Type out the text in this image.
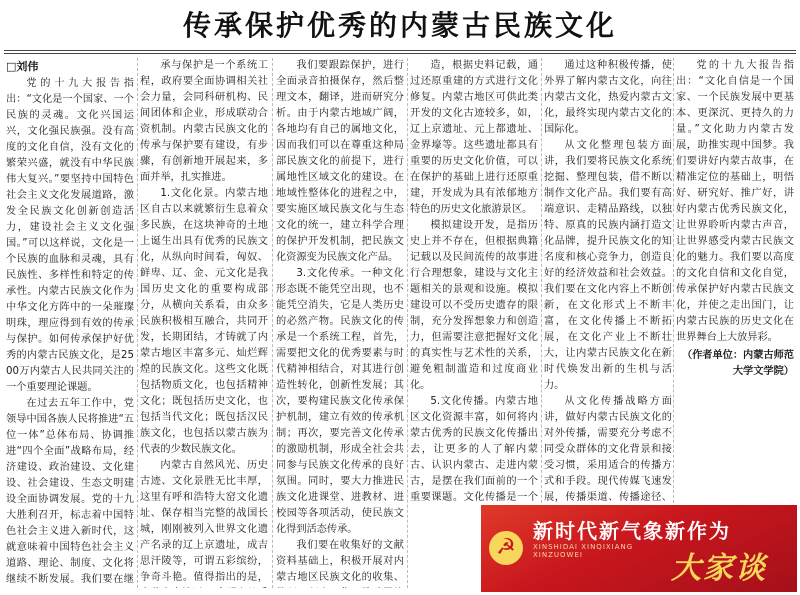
传承保护优秀的内蒙古民族文化
□刘伟

党的十九大报告指出：“文化是一个国家、一个民族的灵魂。文化兴国运兴，文化强民族强。没有高度的文化自信，没有文化的繁荣兴盛，就没有中华民族伟大复兴。”要坚持中国特色社会主义文化发展道路，激发全民族文化创新创造活力，建设社会主义文化强国。”可以这样说，文化是一个民族的血脉和灵魂，具有民族性、多样性和特定的传承性。内蒙古民族文化作为中华文化方阵中的一朵璀璨明珠，理应得到有效的传承与保护。如何传承保护好优秀的内蒙古民族文化，是2500万内蒙古人民共同关注的一个重要理论课题。

在过去五年工作中，党领导中国各族人民将推进“五位一体”总体布局、协调推进“四个全面”战略布局，经济建设、政治建设、文化建设、社会建设、生态文明建设全面协调发展。党的十九大胜利召开，标志着中国特色社会主义进入新时代，这就意味着中国特色社会主义道路、理论、制度、文化将继续不断发展。我们要在继

承与保护是一个系统工程，政府要全面协调相关社会力量，会同科研机构、民间团体和企业，形成联动合资机制。内蒙古民族文化的传承与保护要有建设，有步骤，有创新地开展起来，多面并举，扎实推进。

1.文化化景。内蒙古地区自古以来就繁衍生息着众多民族，在这块神奇的土地上诞生出具有优秀的民族文化，从纵向时间看，匈奴、鲜卑、辽、金、元文化是我国历史文化的重要构成部分，从横向关系看，由众多民族积极相互融合，共同开发，长期团结，才铸就了内蒙古地区丰富多元、灿烂辉煌的民族文化。这些文化既包括物质文化，也包括精神文化；既包括历史文化，也包括当代文化；既包括汉民族文化，也包括以蒙古族为代表的少数民族文化。

内蒙古自然风光、历史古迹、文化景胜无比丰厚，这里有呼和浩特大窑文化遗址、保存相当完整的战国长城，刚刚被列入世界文化遗产名录的辽上京遗址，成吉思汗陵等，可谓五彩缤纷，争奇斗艳。值得指出的是，

我们要跟踪保护，进行全面录音拍摄保存，然后整理文本，翻译，进而研究分析。由于内蒙古地域广阔，各地均有自己的属地文化，因而我们可以在尊重这种局部民族文化的前提下，进行属地性区域文化的建设。在地域性整体化的进程之中，要实施区域民族文化与生态文化的统一，建立科学合理的保护开发机制，把民族文化资源变为民族文化产品。

3.文化传承。一种文化形态既不能凭空出现，也不能凭空消失，它是人类历史的必然产物。民族文化的传承是一个系统工程，首先，需要把文化的优秀要素与时代精神相结合，对其进行创造性转化，创新性发展；其次，要构建民族文化传承保护机制，建立有效的传承机制；再次，要完善文化传承的激励机制，形成全社会共同参与民族文化传承的良好氛围。同时，要大力推进民族文化进课堂、进教材、进校园等各项活动，使民族文化得到活态传承。

我们要在收集好的文献资料基础上，积极开展对内蒙古地区民族文化的收集、

造，根据史料记载，通过还原重建的方式进行文化修复。内蒙古地区可供此类开发的文化古迹较多，如，辽上京遗址、元上都遗址、金界壕等。这些遗址都具有重要的历史文化价值，可以在保护的基础上进行还原重建，开发成为具有浓郁地方特色的历史文化旅游景区。

模拟建设开发，是指历史上并不存在，但根据典籍记载以及民间流传的故事进行合理想象，建设与文化主题相关的景观和设施。模拟建设可以不受历史遗存的限制，充分发挥想象力和创造力，但需要注意把握好文化的真实性与艺术性的关系，避免粗制滥造和过度商业化。

5.文化传播。内蒙古地区文化资源丰富，如何将内蒙古优秀的民族文化传播出去，让更多的人了解内蒙古、认识内蒙古、走进内蒙古，是摆在我们面前的一个重要课题。文化传播是一个

通过这种积极传播，使外界了解内蒙古文化，向往内蒙古文化，热爱内蒙古文化，最终实现内蒙古文化的国际化。

从文化整理包装方面讲，我们要将民族文化系统挖掘、整理包装，借不断以制作文化产品。我们要有高端意识、走精品路线，以独特、原真的民族内涵打造文化品牌，提升民族文化的知名度和核心竞争力，创造良好的经济效益和社会效益。我们要在文化内容上不断创新，在文化形式上不断丰富，在文化传播上不断拓展，在文化产业上不断壮大，让内蒙古民族文化在新时代焕发出新的生机与活力。

从文化传播战略方面讲，做好内蒙古民族文化的对外传播，需要充分考虑不同受众群体的文化背景和接受习惯，采用适合的传播方式和手段。现代传媒飞速发展，传播渠道、传播途径、

党的十九大报告指出：“文化自信是一个国家、一个民族发展中更基本、更深沉、更持久的力量。”文化助力内蒙古发展，助推实现中国梦。我们要讲好内蒙古故事，在精准定位的基础上，明悟好、研究好、推广好，讲好内蒙古优秀民族文化，让世界聆听内蒙古声音，让世界感受内蒙古民族文化的魅力。我们要以高度的文化自信和文化自觉，传承保护好内蒙古民族文化，并使之走出国门，让内蒙古民族的历史文化在世界舞台上大放异彩。

（作者单位：内蒙古师范大学文学院）
☭
新时代新气象新作为
XINSHIDAI XINQIXIANG
XINZUOWEI	大家谈
